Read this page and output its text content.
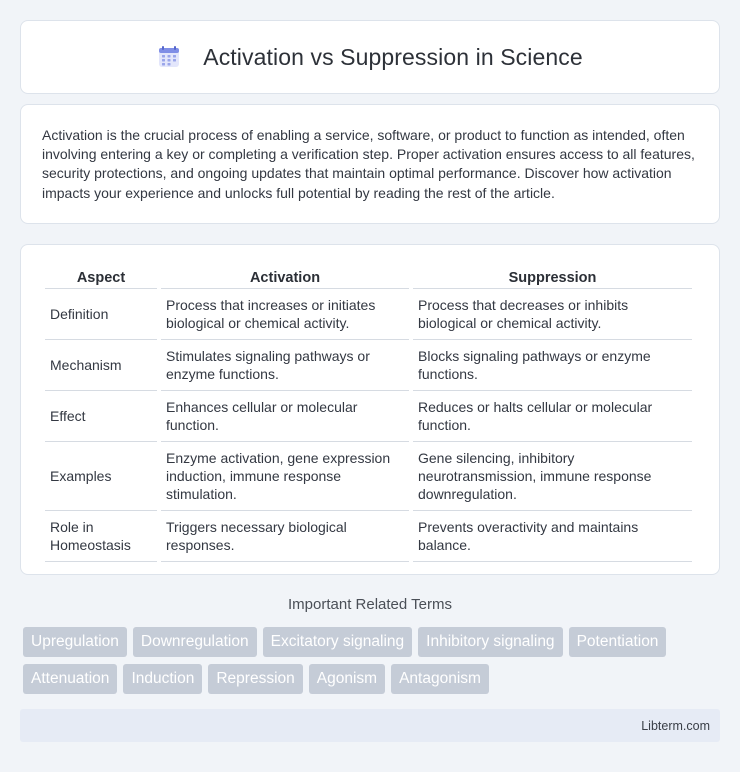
Activation vs Suppression in Science

Activation is the crucial process of enabling a service, software, or product to function as intended, often involving entering a key or completing a verification step. Proper activation ensures access to all features, security protections, and ongoing updates that maintain optimal performance. Discover how activation impacts your experience and unlocks full potential by reading the rest of the article.

Aspect	Activation	Suppression
Definition	Process that increases or initiates biological or chemical activity.	Process that decreases or inhibits biological or chemical activity.
Mechanism	Stimulates signaling pathways or enzyme functions.	Blocks signaling pathways or enzyme functions.
Effect	Enhances cellular or molecular function.	Reduces or halts cellular or molecular function.
Examples	Enzyme activation, gene expression induction, immune response stimulation.	Gene silencing, inhibitory neurotransmission, immune response downregulation.
Role in Homeostasis	Triggers necessary biological responses.	Prevents overactivity and maintains balance.
Important Related Terms
Upregulation	Downregulation	Excitatory signaling	Inhibitory signaling	Potentiation
Attenuation	Induction	Repression	Agonism	Antagonism
Libterm.com
